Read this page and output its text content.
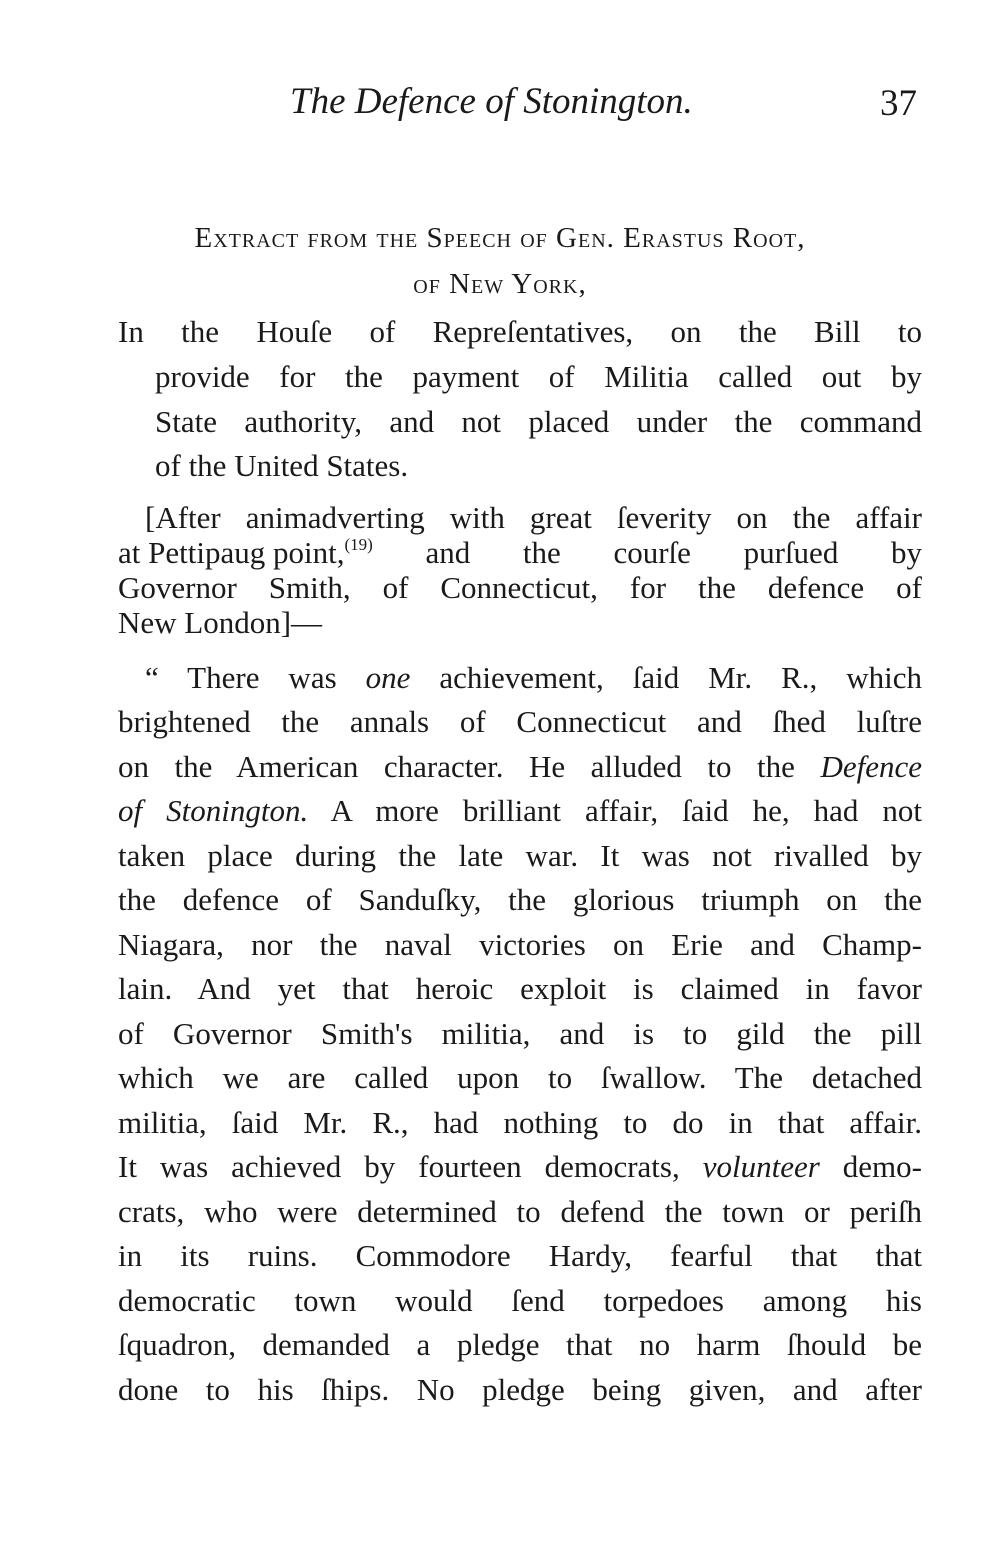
The Defence of Stonington.	37
Extract from the Speech of Gen. Erastus Root,
of New York,
In the Houſe of Repreſentatives, on the Bill to
provide for the payment of Militia called out by
State authority, and not placed under the command
of the United States.
[After animadverting with great ſeverity on the affair
at Pettipaug point, (19) and the courſe purſued by
Governor Smith, of Connecticut, for the defence of
New London]—
“ There was one achievement, ſaid Mr. R., which
brightened the annals of Connecticut and ſhed luſtre
on the American character. He alluded to the Defence
of Stonington. A more brilliant affair, ſaid he, had not
taken place during the late war. It was not rivalled by
the defence of Sanduſky, the glorious triumph on the
Niagara, nor the naval victories on Erie and Champ-
lain. And yet that heroic exploit is claimed in favor
of Governor Smith's militia, and is to gild the pill
which we are called upon to ſwallow. The detached
militia, ſaid Mr. R., had nothing to do in that affair.
It was achieved by fourteen democrats, volunteer demo-
crats, who were determined to defend the town or periſh
in its ruins. Commodore Hardy, fearful that that
democratic town would ſend torpedoes among his
ſquadron, demanded a pledge that no harm ſhould be
done to his ſhips. No pledge being given, and after
